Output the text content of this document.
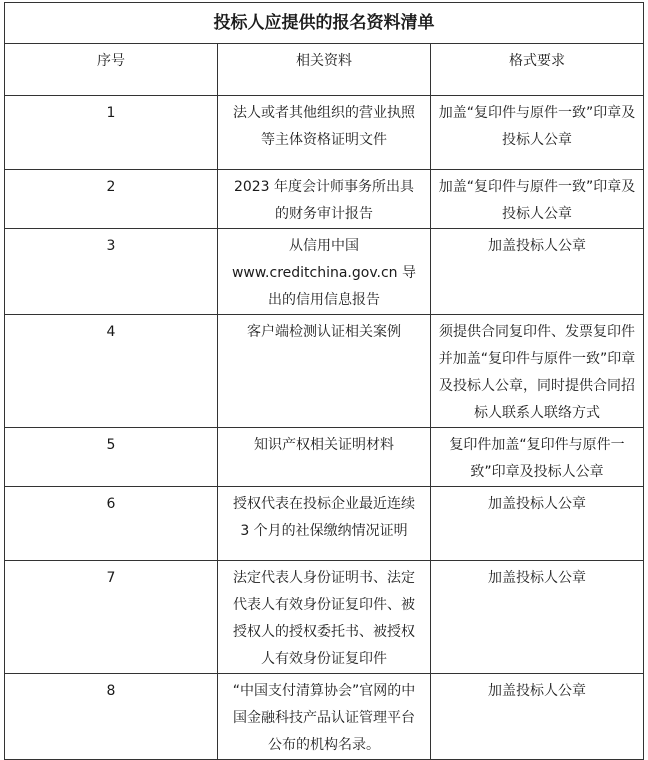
投标人应提供的报名资料清单		

序号	相关资料	格式要求
1	法人或者其他组织的营业执照等主体资格证明文件	加盖“复印件与原件一致”印章及投标人公章
2	2023 年度会计师事务所出具的财务审计报告	加盖“复印件与原件一致”印章及投标人公章
3	从信用中国 www.creditchina.gov.cn 导出的信用信息报告	加盖投标人公章
4	客户端检测认证相关案例	须提供合同复印件、发票复印件并加盖“复印件与原件一致”印章及投标人公章，同时提供合同招标人联系人联络方式
5	知识产权相关证明材料	复印件加盖“复印件与原件一致”印章及投标人公章
6	授权代表在投标企业最近连续 3 个月的社保缴纳情况证明	加盖投标人公章
7	法定代表人身份证明书、法定代表人有效身份证复印件、被授权人的授权委托书、被授权人有效身份证复印件	加盖投标人公章
8	“中国支付清算协会”官网的中国金融科技产品认证管理平台公布的机构名录。	加盖投标人公章
